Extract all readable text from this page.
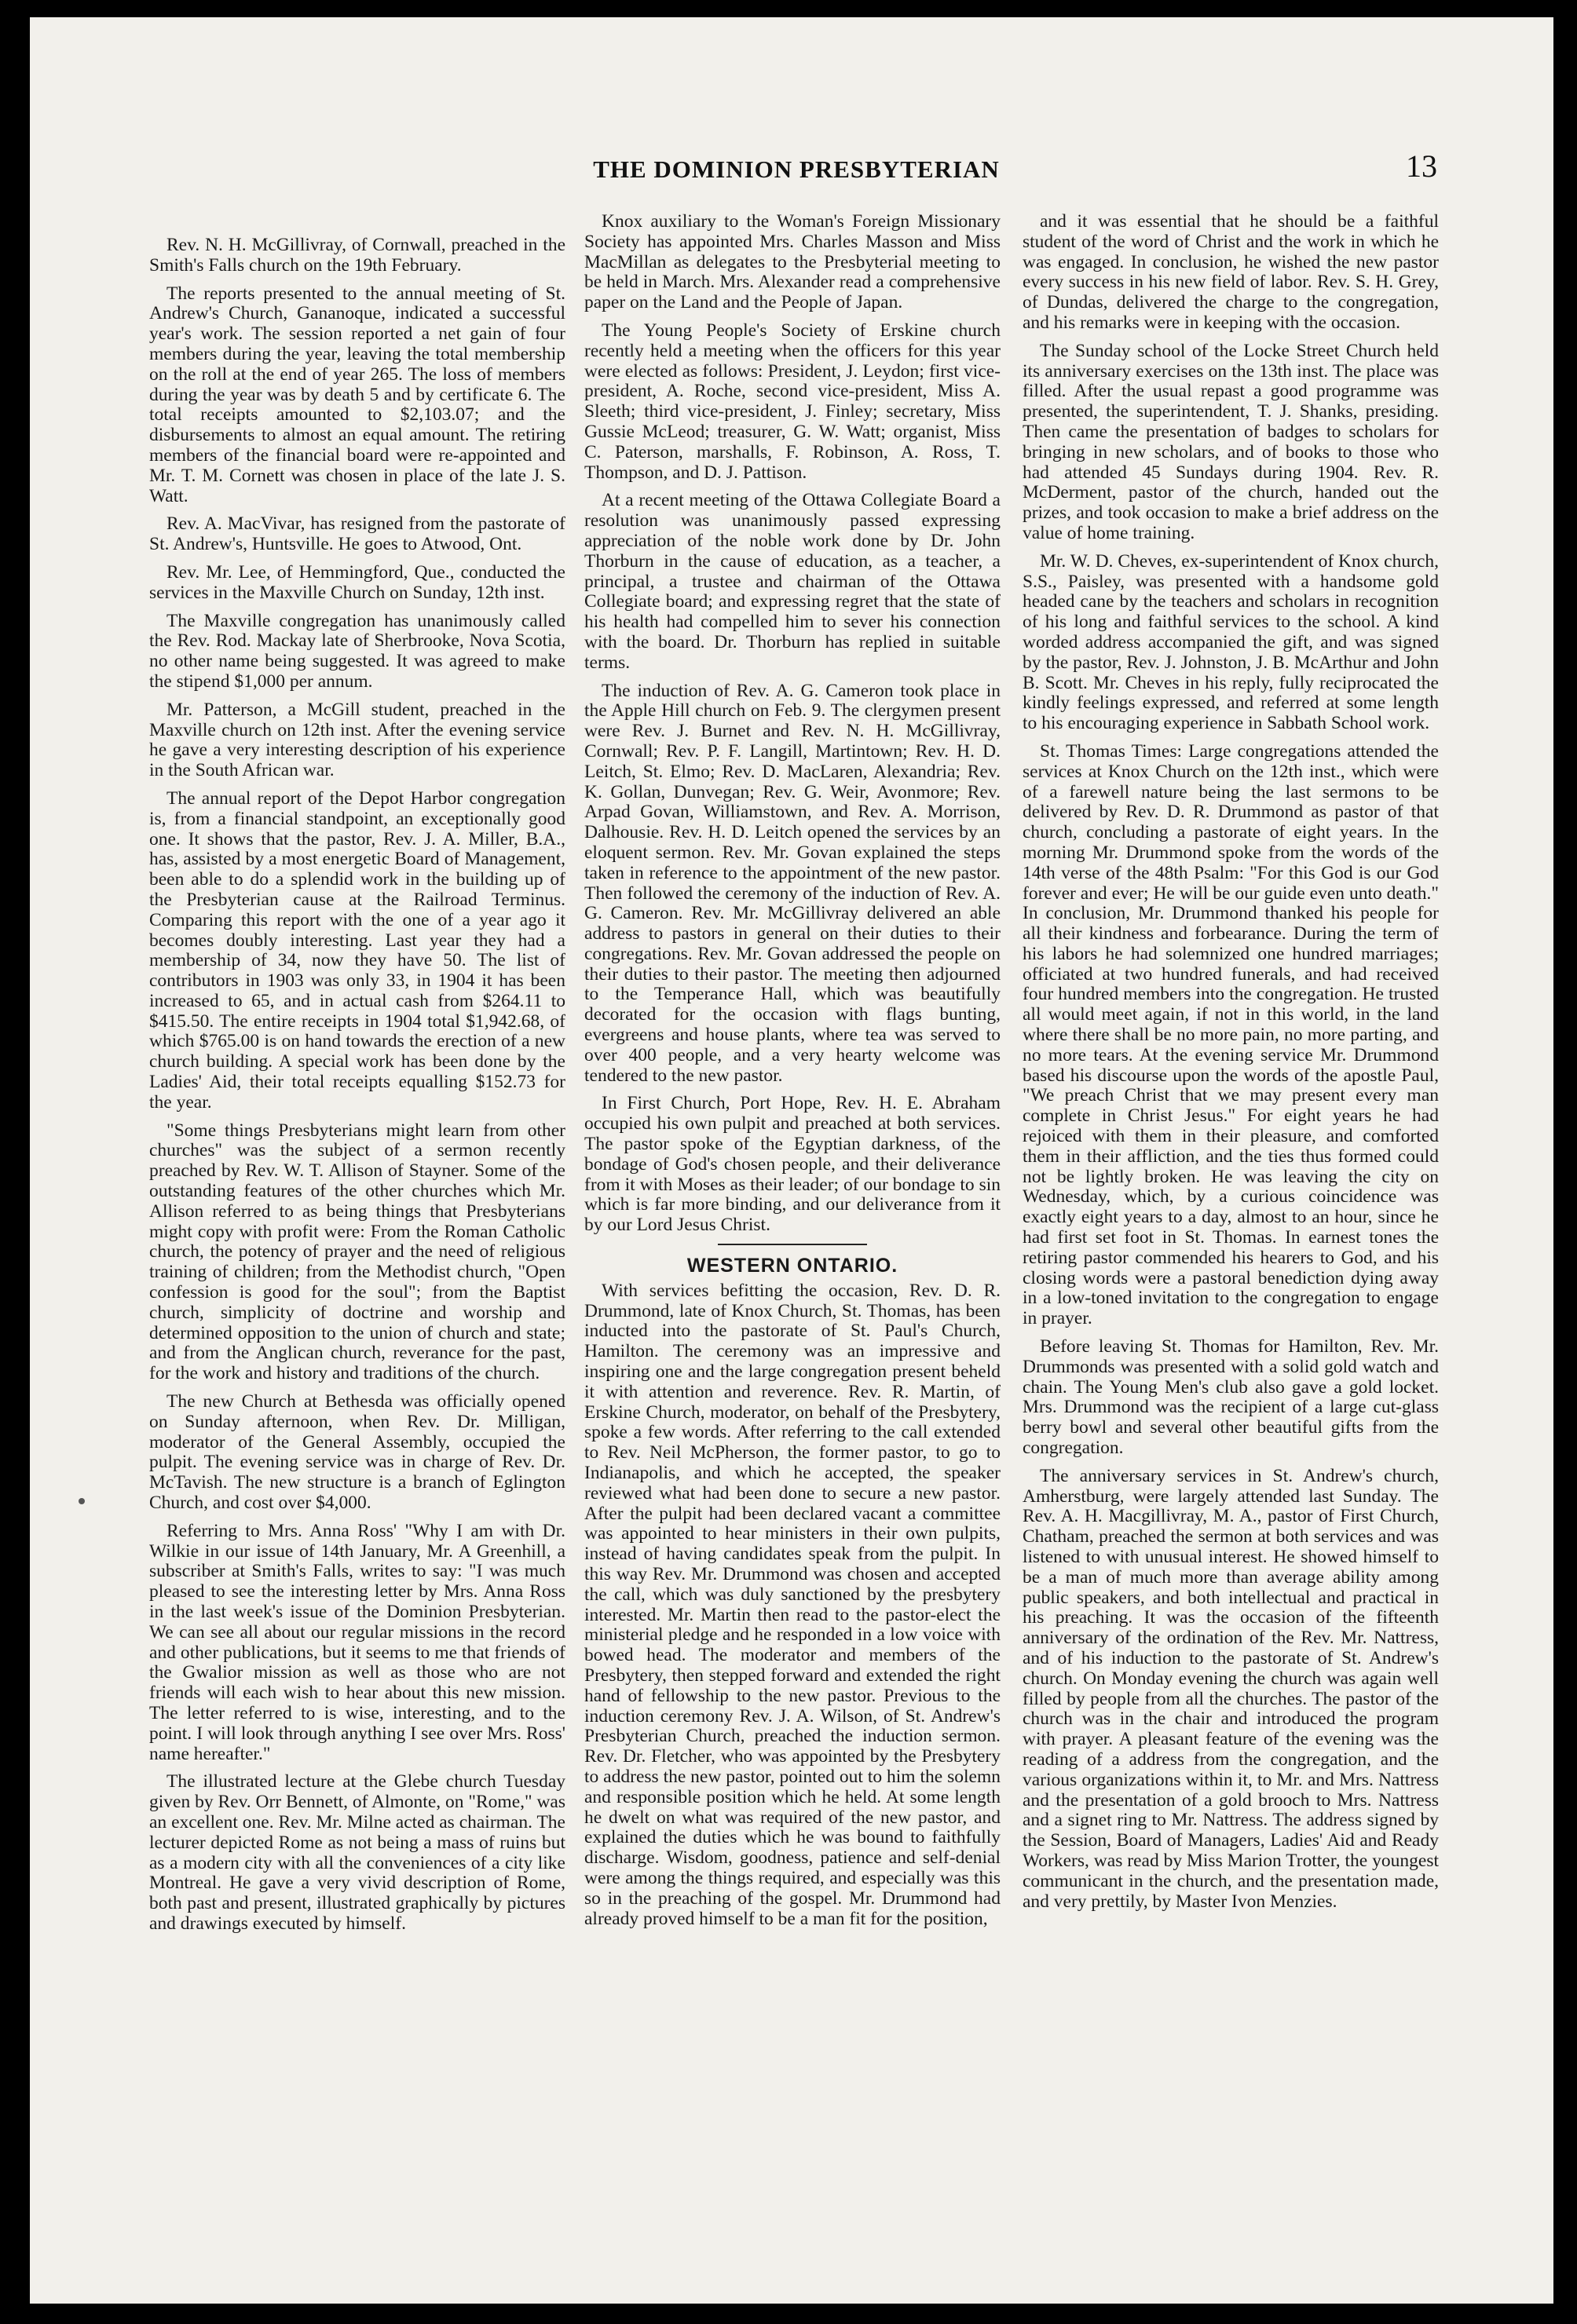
THE DOMINION PRESBYTERIAN	13

Rev. N. H. McGillivray, of Cornwall, preached in the Smith's Falls church on the 19th February.

The reports presented to the annual meeting of St. Andrew's Church, Gananoque, indicated a successful year's work. The session reported a net gain of four members during the year, leaving the total membership on the roll at the end of year 265. The loss of members during the year was by death 5 and by certificate 6. The total receipts amounted to $2,103.07; and the disbursements to almost an equal amount. The retiring members of the financial board were re-appointed and Mr. T. M. Cornett was chosen in place of the late J. S. Watt.

Rev. A. MacVivar, has resigned from the pastorate of St. Andrew's, Huntsville. He goes to Atwood, Ont.

Rev. Mr. Lee, of Hemmingford, Que., conducted the services in the Maxville Church on Sunday, 12th inst.

The Maxville congregation has unanimously called the Rev. Rod. Mackay late of Sherbrooke, Nova Scotia, no other name being suggested. It was agreed to make the stipend $1,000 per annum.

Mr. Patterson, a McGill student, preached in the Maxville church on 12th inst. After the evening service he gave a very interesting description of his experience in the South African war.

The annual report of the Depot Harbor congregation is, from a financial standpoint, an exceptionally good one. It shows that the pastor, Rev. J. A. Miller, B.A., has, assisted by a most energetic Board of Management, been able to do a splendid work in the building up of the Presbyterian cause at the Railroad Terminus. Comparing this report with the one of a year ago it becomes doubly interesting. Last year they had a membership of 34, now they have 50. The list of contributors in 1903 was only 33, in 1904 it has been increased to 65, and in actual cash from $264.11 to $415.50. The entire receipts in 1904 total $1,942.68, of which $765.00 is on hand towards the erection of a new church building. A special work has been done by the Ladies' Aid, their total receipts equalling $152.73 for the year.

"Some things Presbyterians might learn from other churches" was the subject of a sermon recently preached by Rev. W. T. Allison of Stayner. Some of the outstanding features of the other churches which Mr. Allison referred to as being things that Presbyterians might copy with profit were: From the Roman Catholic church, the potency of prayer and the need of religious training of children; from the Methodist church, "Open confession is good for the soul"; from the Baptist church, simplicity of doctrine and worship and determined opposition to the union of church and state; and from the Anglican church, reverance for the past, for the work and history and traditions of the church.

The new Church at Bethesda was officially opened on Sunday afternoon, when Rev. Dr. Milligan, moderator of the General Assembly, occupied the pulpit. The evening service was in charge of Rev. Dr. McTavish. The new structure is a branch of Eglington Church, and cost over $4,000.

Referring to Mrs. Anna Ross' "Why I am with Dr. Wilkie in our issue of 14th January, Mr. A Greenhill, a subscriber at Smith's Falls, writes to say: "I was much pleased to see the interesting letter by Mrs. Anna Ross in the last week's issue of the Dominion Presbyterian. We can see all about our regular missions in the record and other publications, but it seems to me that friends of the Gwalior mission as well as those who are not friends will each wish to hear about this new mission. The letter referred to is wise, interesting, and to the point. I will look through anything I see over Mrs. Ross' name hereafter."

The illustrated lecture at the Glebe church Tuesday given by Rev. Orr Bennett, of Almonte, on "Rome," was an excellent one. Rev. Mr. Milne acted as chairman. The lecturer depicted Rome as not being a mass of ruins but as a modern city with all the conveniences of a city like Montreal. He gave a very vivid description of Rome, both past and present, illustrated graphically by pictures and drawings executed by himself.

Knox auxiliary to the Woman's Foreign Missionary Society has appointed Mrs. Charles Masson and Miss MacMillan as delegates to the Presbyterial meeting to be held in March. Mrs. Alexander read a comprehensive paper on the Land and the People of Japan.

The Young People's Society of Erskine church recently held a meeting when the officers for this year were elected as follows: President, J. Leydon; first vice-president, A. Roche, second vice-president, Miss A. Sleeth; third vice-president, J. Finley; secretary, Miss Gussie McLeod; treasurer, G. W. Watt; organist, Miss C. Paterson, marshalls, F. Robinson, A. Ross, T. Thompson, and D. J. Pattison.

At a recent meeting of the Ottawa Collegiate Board a resolution was unanimously passed expressing appreciation of the noble work done by Dr. John Thorburn in the cause of education, as a teacher, a principal, a trustee and chairman of the Ottawa Collegiate board; and expressing regret that the state of his health had compelled him to sever his connection with the board. Dr. Thorburn has replied in suitable terms.

The induction of Rev. A. G. Cameron took place in the Apple Hill church on Feb. 9. The clergymen present were Rev. J. Burnet and Rev. N. H. McGillivray, Cornwall; Rev. P. F. Langill, Martintown; Rev. H. D. Leitch, St. Elmo; Rev. D. MacLaren, Alexandria; Rev. K. Gollan, Dunvegan; Rev. G. Weir, Avonmore; Rev. Arpad Govan, Williamstown, and Rev. A. Morrison, Dalhousie. Rev. H. D. Leitch opened the services by an eloquent sermon. Rev. Mr. Govan explained the steps taken in reference to the appointment of the new pastor. Then followed the ceremony of the induction of Rev. A. G. Cameron. Rev. Mr. McGillivray delivered an able address to pastors in general on their duties to their congregations. Rev. Mr. Govan addressed the people on their duties to their pastor. The meeting then adjourned to the Temperance Hall, which was beautifully decorated for the occasion with flags bunting, evergreens and house plants, where tea was served to over 400 people, and a very hearty welcome was tendered to the new pastor.

In First Church, Port Hope, Rev. H. E. Abraham occupied his own pulpit and preached at both services. The pastor spoke of the Egyptian darkness, of the bondage of God's chosen people, and their deliverance from it with Moses as their leader; of our bondage to sin which is far more binding, and our deliverance from it by our Lord Jesus Christ.

WESTERN ONTARIO.

With services befitting the occasion, Rev. D. R. Drummond, late of Knox Church, St. Thomas, has been inducted into the pastorate of St. Paul's Church, Hamilton. The ceremony was an impressive and inspiring one and the large congregation present beheld it with attention and reverence. Rev. R. Martin, of Erskine Church, moderator, on behalf of the Presbytery, spoke a few words. After referring to the call extended to Rev. Neil McPherson, the former pastor, to go to Indianapolis, and which he accepted, the speaker reviewed what had been done to secure a new pastor. After the pulpit had been declared vacant a committee was appointed to hear ministers in their own pulpits, instead of having candidates speak from the pulpit. In this way Rev. Mr. Drummond was chosen and accepted the call, which was duly sanctioned by the presbytery interested. Mr. Martin then read to the pastor-elect the ministerial pledge and he responded in a low voice with bowed head. The moderator and members of the Presbytery, then stepped forward and extended the right hand of fellowship to the new pastor. Previous to the induction ceremony Rev. J. A. Wilson, of St. Andrew's Presbyterian Church, preached the induction sermon. Rev. Dr. Fletcher, who was appointed by the Presbytery to address the new pastor, pointed out to him the solemn and responsible position which he held. At some length he dwelt on what was required of the new pastor, and explained the duties which he was bound to faithfully discharge. Wisdom, goodness, patience and self-denial were among the things required, and especially was this so in the preaching of the gospel. Mr. Drummond had already proved himself to be a man fit for the position,

and it was essential that he should be a faithful student of the word of Christ and the work in which he was engaged. In conclusion, he wished the new pastor every success in his new field of labor. Rev. S. H. Grey, of Dundas, delivered the charge to the congregation, and his remarks were in keeping with the occasion.

The Sunday school of the Locke Street Church held its anniversary exercises on the 13th inst. The place was filled. After the usual repast a good programme was presented, the superintendent, T. J. Shanks, presiding. Then came the presentation of badges to scholars for bringing in new scholars, and of books to those who had attended 45 Sundays during 1904. Rev. R. McDerment, pastor of the church, handed out the prizes, and took occasion to make a brief address on the value of home training.

Mr. W. D. Cheves, ex-superintendent of Knox church, S.S., Paisley, was presented with a handsome gold headed cane by the teachers and scholars in recognition of his long and faithful services to the school. A kind worded address accompanied the gift, and was signed by the pastor, Rev. J. Johnston, J. B. McArthur and John B. Scott. Mr. Cheves in his reply, fully reciprocated the kindly feelings expressed, and referred at some length to his encouraging experience in Sabbath School work.

St. Thomas Times: Large congregations attended the services at Knox Church on the 12th inst., which were of a farewell nature being the last sermons to be delivered by Rev. D. R. Drummond as pastor of that church, concluding a pastorate of eight years. In the morning Mr. Drummond spoke from the words of the 14th verse of the 48th Psalm: "For this God is our God forever and ever; He will be our guide even unto death." In conclusion, Mr. Drummond thanked his people for all their kindness and forbearance. During the term of his labors he had solemnized one hundred marriages; officiated at two hundred funerals, and had received four hundred members into the congregation. He trusted all would meet again, if not in this world, in the land where there shall be no more pain, no more parting, and no more tears. At the evening service Mr. Drummond based his discourse upon the words of the apostle Paul, "We preach Christ that we may present every man complete in Christ Jesus." For eight years he had rejoiced with them in their pleasure, and comforted them in their affliction, and the ties thus formed could not be lightly broken. He was leaving the city on Wednesday, which, by a curious coincidence was exactly eight years to a day, almost to an hour, since he had first set foot in St. Thomas. In earnest tones the retiring pastor commended his hearers to God, and his closing words were a pastoral benediction dying away in a low-toned invitation to the congregation to engage in prayer.

Before leaving St. Thomas for Hamilton, Rev. Mr. Drummonds was presented with a solid gold watch and chain. The Young Men's club also gave a gold locket. Mrs. Drummond was the recipient of a large cut-glass berry bowl and several other beautiful gifts from the congregation.

The anniversary services in St. Andrew's church, Amherstburg, were largely attended last Sunday. The Rev. A. H. Macgillivray, M. A., pastor of First Church, Chatham, preached the sermon at both services and was listened to with unusual interest. He showed himself to be a man of much more than average ability among public speakers, and both intellectual and practical in his preaching. It was the occasion of the fifteenth anniversary of the ordination of the Rev. Mr. Nattress, and of his induction to the pastorate of St. Andrew's church. On Monday evening the church was again well filled by people from all the churches. The pastor of the church was in the chair and introduced the program with prayer. A pleasant feature of the evening was the reading of a address from the congregation, and the various organizations within it, to Mr. and Mrs. Nattress and the presentation of a gold brooch to Mrs. Nattress and a signet ring to Mr. Nattress. The address signed by the Session, Board of Managers, Ladies' Aid and Ready Workers, was read by Miss Marion Trotter, the youngest communicant in the church, and the presentation made, and very prettily, by Master Ivon Menzies.
